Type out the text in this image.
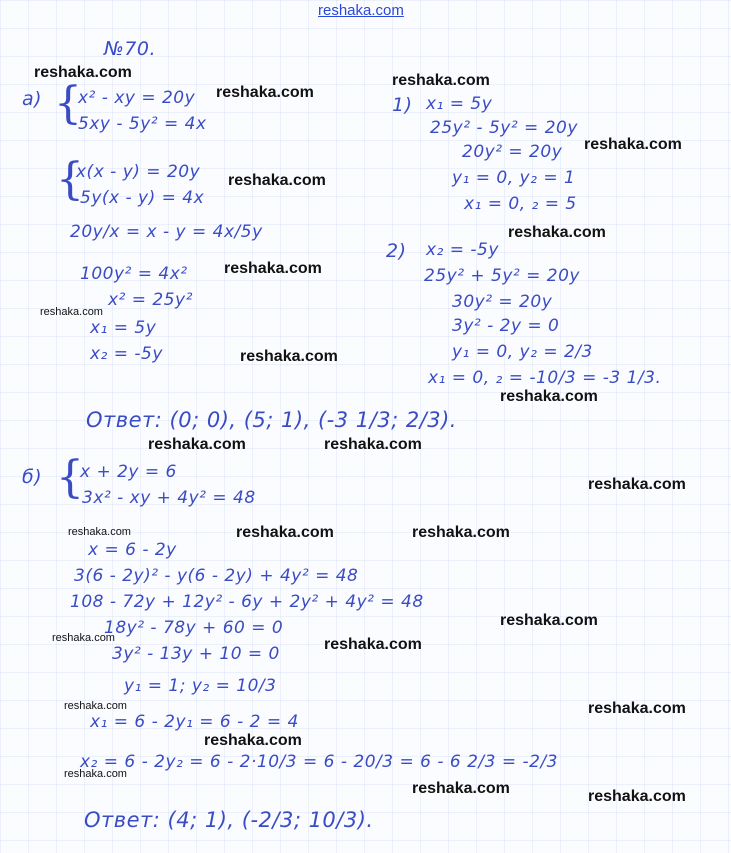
reshaka.com
№70.
а) {
x² - xy = 20y
5xy - 5y² = 4x
{
x(x - y) = 20y
5y(x - y) = 4x
20y/x = x - y = 4x/5y
100y² = 4x²
x² = 25y²
x₁ = 5y
x₂ = -5y
1) x₁ = 5y
25y² - 5y² = 20y
20y² = 20y
y₁ = 0, y₂ = 1
x₁ = 0, ₂ = 5
2) x₂ = -5y
25y² + 5y² = 20y
30y² = 20y
3y² - 2y = 0
y₁ = 0, y₂ = 2/3
x₁ = 0, ₂ = -10/3 = -3 1/3.
Ответ: (0; 0), (5; 1), (-3 1/3; 2/3).
б) {
x + 2y = 6
3x² - xy + 4y² = 48
x = 6 - 2y
3(6 - 2y)² - y(6 - 2y) + 4y² = 48
108 - 72y + 12y² - 6y + 2y² + 4y² = 48
18y² - 78y + 60 = 0
3y² - 13y + 10 = 0
y₁ = 1; y₂ = 10/3
x₁ = 6 - 2y₁ = 6 - 2 = 4
x₂ = 6 - 2y₂ = 6 - 2·10/3 = 6 - 20/3 = 6 - 6 2/3 = -2/3
Ответ: (4; 1), (-2/3; 10/3).
reshaka.com
reshaka.com
reshaka.com
reshaka.com
reshaka.com
reshaka.com
reshaka.com
reshaka.com
reshaka.com
reshaka.com
reshaka.com	reshaka.com
reshaka.com
reshaka.com	reshaka.com	reshaka.com
reshaka.com
reshaka.com	reshaka.com
reshaka.com	reshaka.com
reshaka.com
reshaka.com
reshaka.com	reshaka.com
